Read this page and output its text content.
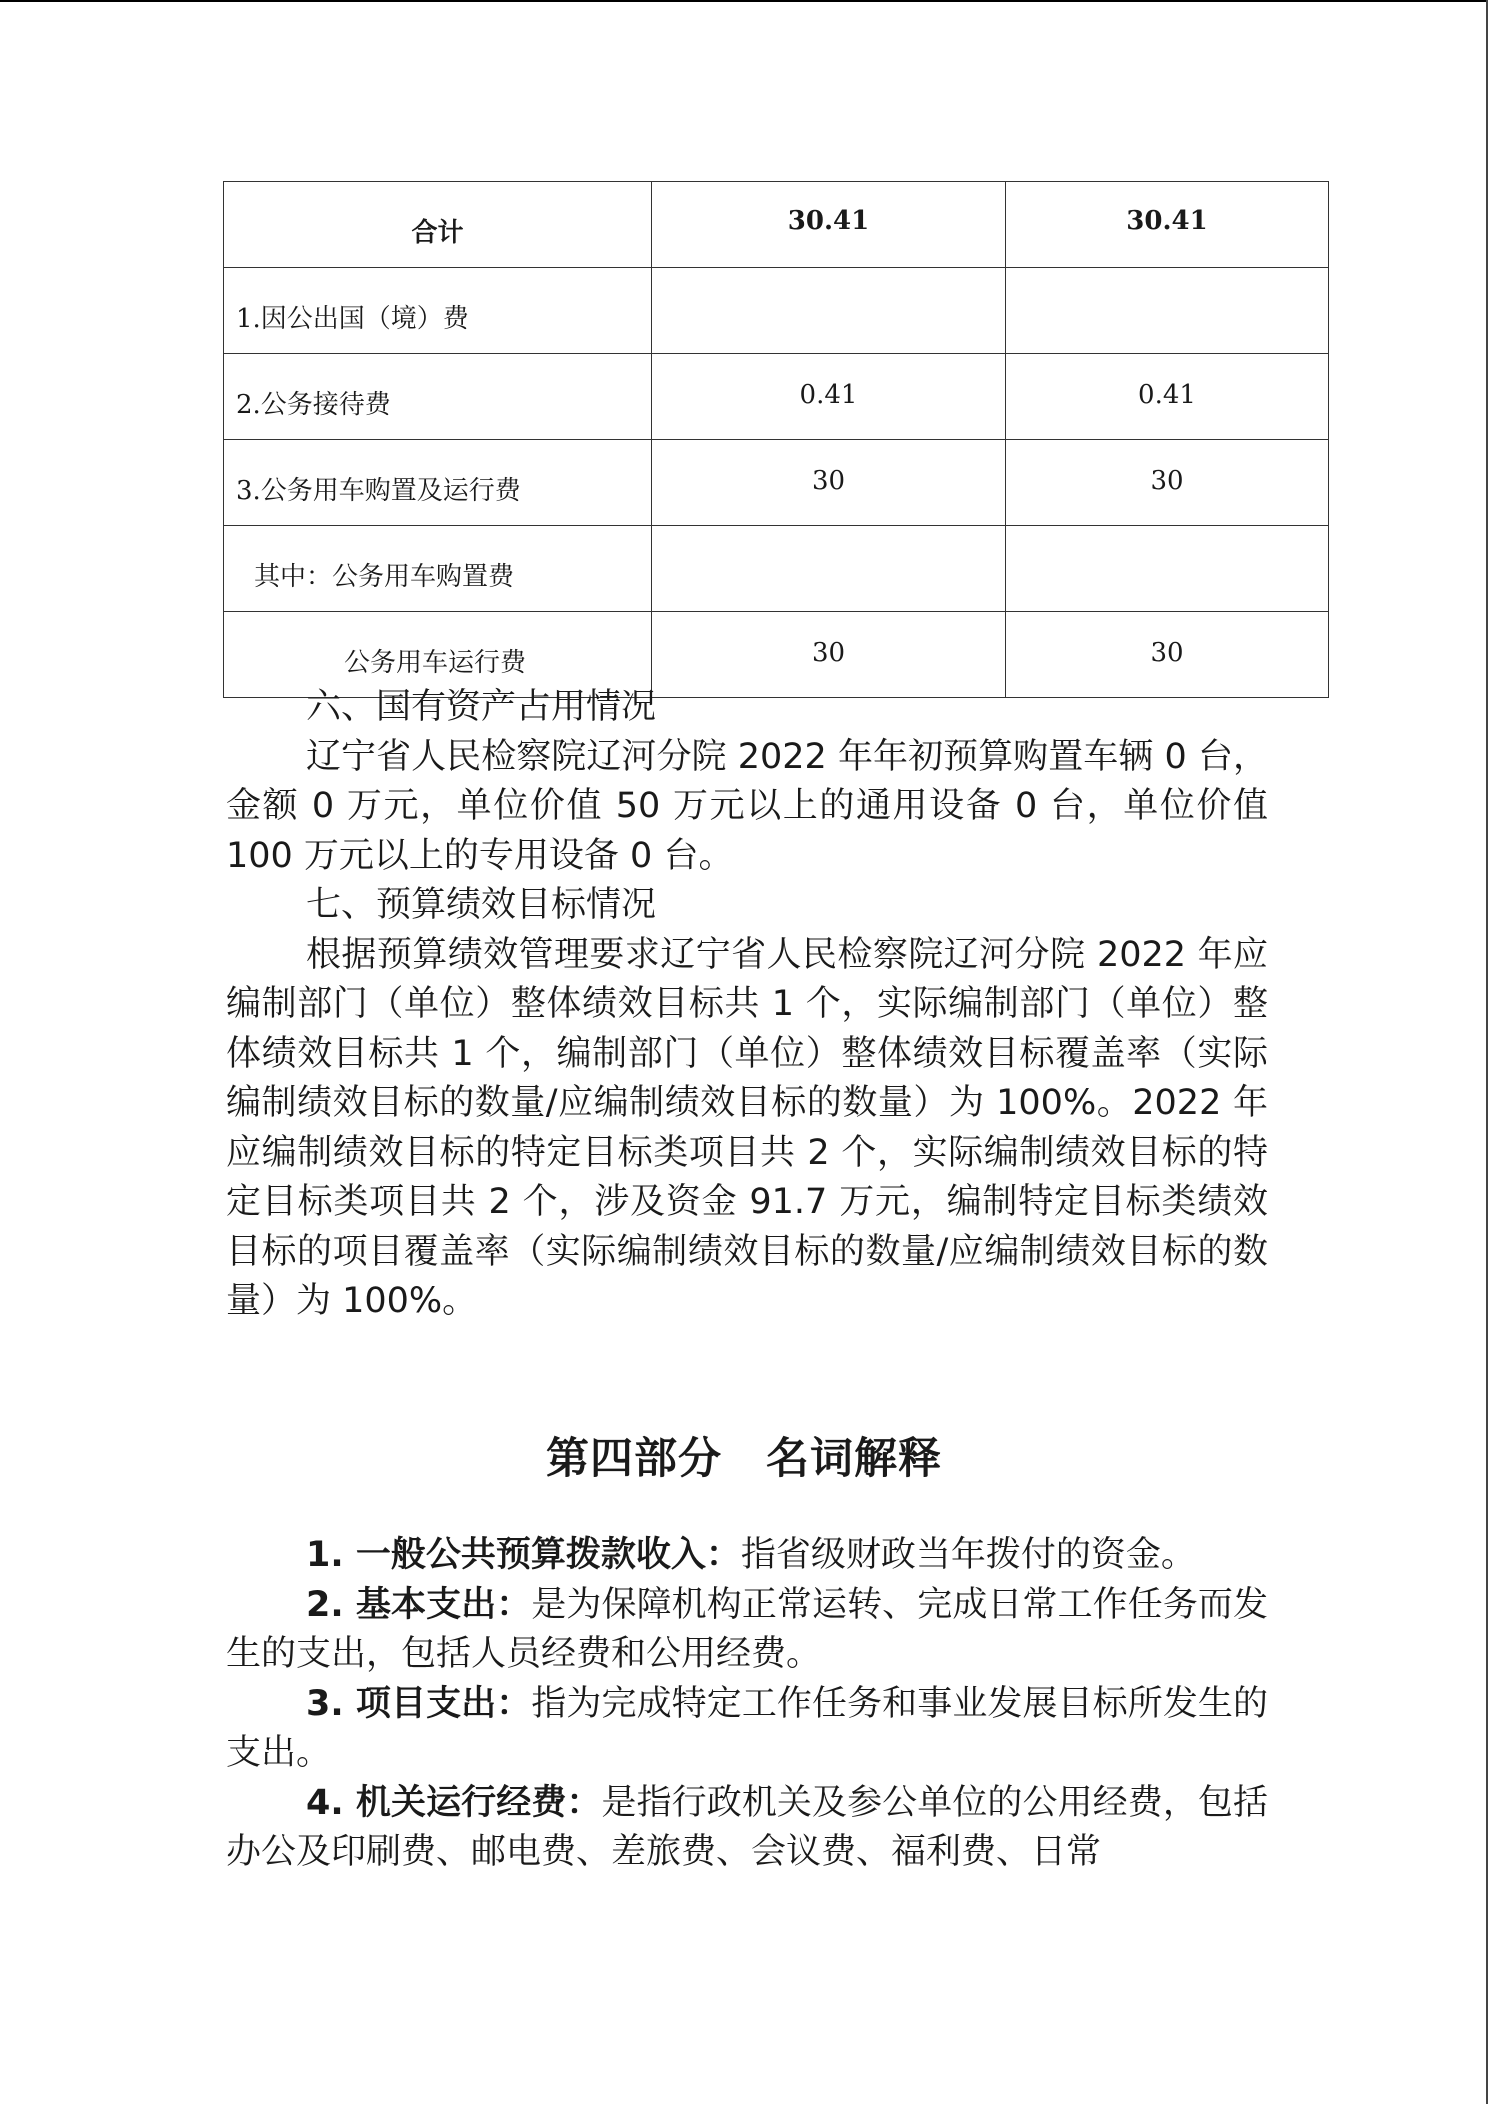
合计	30.41	30.41
1.因公出国（境）费		
2.公务接待费	0.41	0.41
3.公务用车购置及运行费	30	30
其中：公务用车购置费		
公务用车运行费	30	30

六、国有资产占用情况

辽宁省人民检察院辽河分院 2022 年年初预算购置车辆 0 台，金额 0 万元，单位价值 50 万元以上的通用设备 0 台，单位价值 100 万元以上的专用设备 0 台。

七、预算绩效目标情况

根据预算绩效管理要求辽宁省人民检察院辽河分院 2022 年应编制部门（单位）整体绩效目标共 1 个，实际编制部门（单位）整体绩效目标共 1 个，编制部门（单位）整体绩效目标覆盖率（实际编制绩效目标的数量/应编制绩效目标的数量）为 100%。2022 年应编制绩效目标的特定目标类项目共 2 个，实际编制绩效目标的特定目标类项目共 2 个，涉及资金 91.7 万元，编制特定目标类绩效目标的项目覆盖率（实际编制绩效目标的数量/应编制绩效目标的数量）为 100%。

第四部分　名词解释

1. 一般公共预算拨款收入：指省级财政当年拨付的资金。

2. 基本支出：是为保障机构正常运转、完成日常工作任务而发生的支出，包括人员经费和公用经费。

3. 项目支出：指为完成特定工作任务和事业发展目标所发生的支出。

4. 机关运行经费：是指行政机关及参公单位的公用经费，包括办公及印刷费、邮电费、差旅费、会议费、福利费、日常
